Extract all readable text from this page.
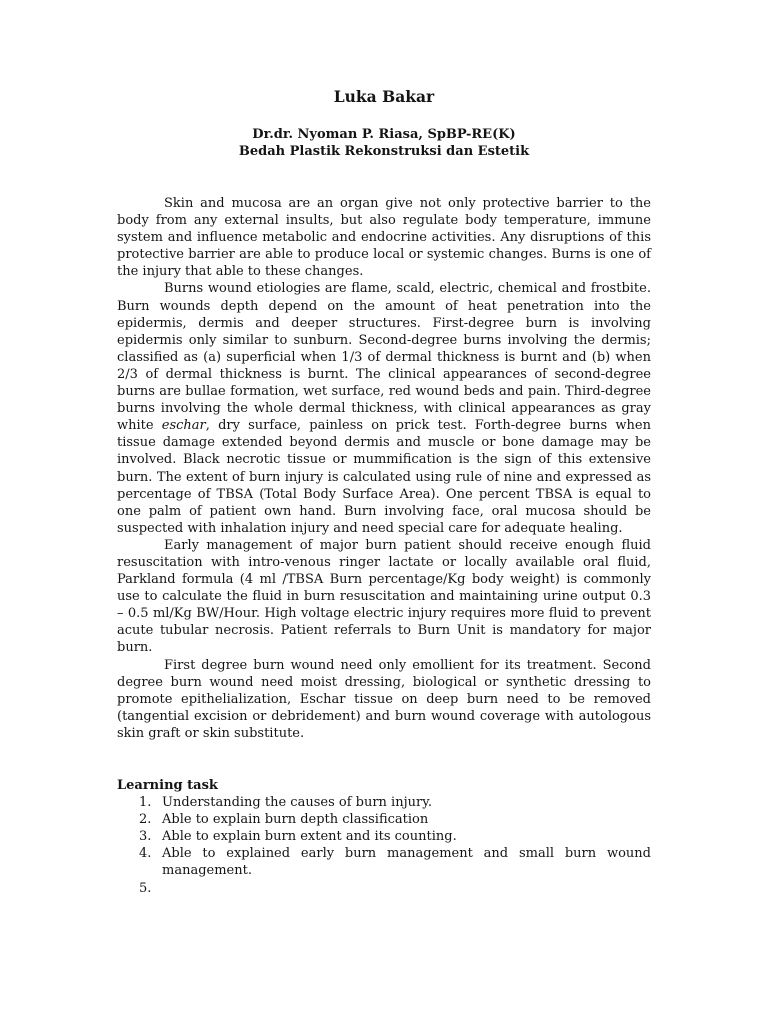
Luka Bakar
Dr.dr. Nyoman P. Riasa, SpBP-RE(K)
Bedah Plastik Rekonstruksi dan Estetik

Skin and mucosa are an organ give not only protective barrier to the body from any external insults, but also regulate body temperature, immune system and influence metabolic and endocrine activities. Any disruptions of this protective barrier are able to produce local or systemic changes. Burns is one of the injury that able to these changes.

Burns wound etiologies are flame, scald, electric, chemical and frostbite. Burn wounds depth depend on the amount of heat penetration into the epidermis, dermis and deeper structures. First-degree burn is involving epidermis only similar to sunburn. Second-degree burns involving the dermis; classified as (a) superficial when 1/3 of dermal thickness is burnt and (b) when 2/3 of dermal thickness is burnt. The clinical appearances of second-degree burns are bullae formation, wet surface, red wound beds and pain. Third-degree burns involving the whole dermal thickness, with clinical appearances as gray white eschar, dry surface, painless on prick test. Forth-degree burns when tissue damage extended beyond dermis and muscle or bone damage may be involved. Black necrotic tissue or mummification is the sign of this extensive burn. The extent of burn injury is calculated using rule of nine and expressed as percentage of TBSA (Total Body Surface Area). One percent TBSA is equal to one palm of patient own hand. Burn involving face, oral mucosa should be suspected with inhalation injury and need special care for adequate healing.

Early management of major burn patient should receive enough fluid resuscitation with intro-venous ringer lactate or locally available oral fluid, Parkland formula (4 ml /TBSA Burn percentage/Kg body weight) is commonly use to calculate the fluid in burn resuscitation and maintaining urine output 0.3 – 0.5 ml/Kg BW/Hour. High voltage electric injury requires more fluid to prevent acute tubular necrosis. Patient referrals to Burn Unit is mandatory for major burn.

First degree burn wound need only emollient for its treatment. Second degree burn wound need moist dressing, biological or synthetic dressing to promote epithelialization, Eschar tissue on deep burn need to be removed (tangential excision or debridement) and burn wound coverage with autologous skin graft or skin substitute.

Learning task

1. Understanding the causes of burn injury.
2. Able to explain burn depth classification
3. Able to explain burn extent and its counting.
4. Able to explained early burn management and small burn wound management.
5.
